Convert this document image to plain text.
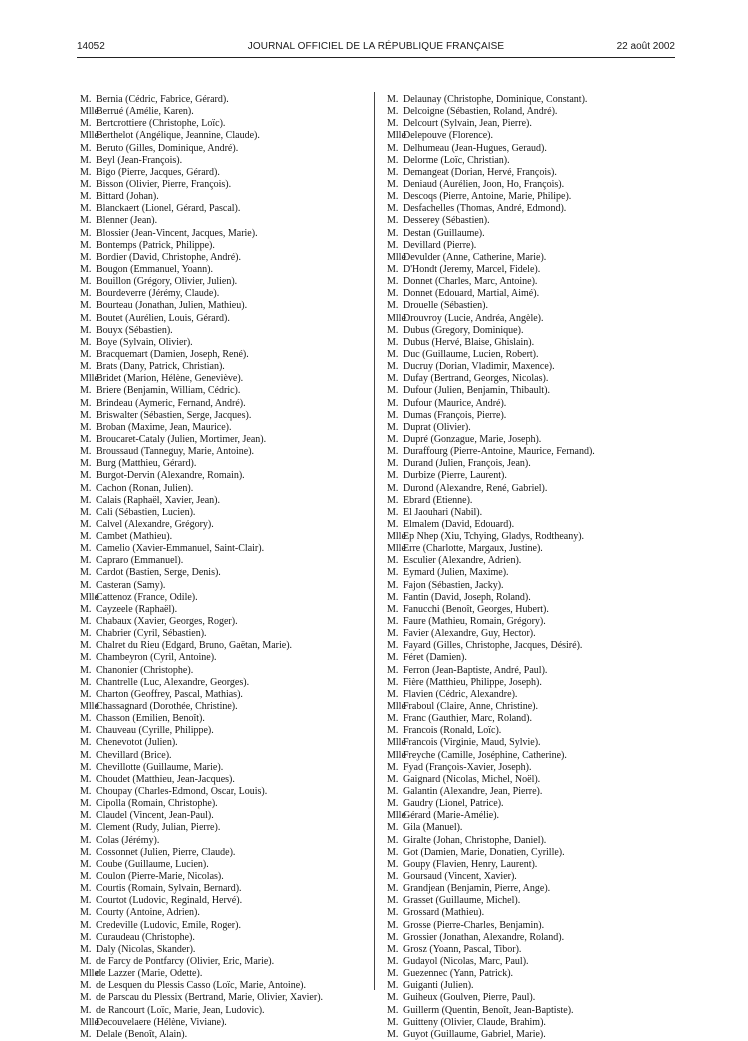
14052	JOURNAL OFFICIEL DE LA RÉPUBLIQUE FRANÇAISE	22 août 2002
M. Bernia (Cédric, Fabrice, Gérard).
MlleBerrué (Amélie, Karen).
M. Bertcrottiere (Christophe, Loïc).
MlleBerthelot (Angélique, Jeannine, Claude).
M. Beruto (Gilles, Dominique, André).
M. Beyl (Jean-François).
M. Bigo (Pierre, Jacques, Gérard).
M. Bisson (Olivier, Pierre, François).
M. Bittard (Johan).
M. Blanckaert (Lionel, Gérard, Pascal).
M. Blenner (Jean).
M. Blossier (Jean-Vincent, Jacques, Marie).
M. Bontemps (Patrick, Philippe).
M. Bordier (David, Christophe, André).
M. Bougon (Emmanuel, Yoann).
M. Bouillon (Grégory, Olivier, Julien).
M. Bourdeverre (Jérémy, Claude).
M. Bourteau (Jonathan, Julien, Mathieu).
M. Boutet (Aurélien, Louis, Gérard).
M. Bouyx (Sébastien).
M. Boye (Sylvain, Olivier).
M. Bracquemart (Damien, Joseph, René).
M. Brats (Dany, Patrick, Christian).
MlleBridet (Marion, Hélène, Geneviève).
M. Briere (Benjamin, William, Cédric).
M. Brindeau (Aymeric, Fernand, André).
M. Briswalter (Sébastien, Serge, Jacques).
M. Broban (Maxime, Jean, Maurice).
M. Broucaret-Cataly (Julien, Mortimer, Jean).
M. Broussaud (Tanneguy, Marie, Antoine).
M. Burg (Matthieu, Gérard).
M. Burgot-Dervin (Alexandre, Romain).
M. Cachon (Ronan, Julien).
M. Calais (Raphaël, Xavier, Jean).
M. Cali (Sébastien, Lucien).
M. Calvel (Alexandre, Grégory).
M. Cambet (Mathieu).
M. Camelio (Xavier-Emmanuel, Saint-Clair).
M. Capraro (Emmanuel).
M. Cardot (Bastien, Serge, Denis).
M. Casteran (Samy).
MlleCattenoz (France, Odile).
M. Cayzeele (Raphaël).
M. Chabaux (Xavier, Georges, Roger).
M. Chabrier (Cyril, Sébastien).
M. Chalret du Rieu (Edgard, Bruno, Gaëtan, Marie).
M. Chambeyron (Cyril, Antoine).
M. Chanonier (Christophe).
M. Chantrelle (Luc, Alexandre, Georges).
M. Charton (Geoffrey, Pascal, Mathias).
MlleChassagnard (Dorothée, Christine).
M. Chasson (Emilien, Benoît).
M. Chauveau (Cyrille, Philippe).
M. Chenevotot (Julien).
M. Chevillard (Brice).
M. Chevillotte (Guillaume, Marie).
M. Choudet (Matthieu, Jean-Jacques).
M. Choupay (Charles-Edmond, Oscar, Louis).
M. Cipolla (Romain, Christophe).
M. Claudel (Vincent, Jean-Paul).
M. Clement (Rudy, Julian, Pierre).
M. Colas (Jérémy).
M. Cossonnet (Julien, Pierre, Claude).
M. Coube (Guillaume, Lucien).
M. Coulon (Pierre-Marie, Nicolas).
M. Courtis (Romain, Sylvain, Bernard).
M. Courtot (Ludovic, Reginald, Hervé).
M. Courty (Antoine, Adrien).
M. Credeville (Ludovic, Emile, Roger).
M. Curaudeau (Christophe).
M. Daly (Nicolas, Skander).
M. de Farcy de Pontfarcy (Olivier, Eric, Marie).
Mllede Lazzer (Marie, Odette).
M. de Lesquen du Plessis Casso (Loïc, Marie, Antoine).
M. de Parscau du Plessix (Bertrand, Marie, Olivier, Xavier).
M. de Rancourt (Loïc, Marie, Jean, Ludovic).
MlleDecouvelaere (Hélène, Viviane).
M. Delale (Benoît, Alain).
M. Delaunay (Christophe, Dominique, Constant).
M. Delcoigne (Sébastien, Roland, André).
M. Delcourt (Sylvain, Jean, Pierre).
MlleDelepouve (Florence).
M. Delhumeau (Jean-Hugues, Geraud).
M. Delorme (Loïc, Christian).
M. Demangeat (Dorian, Hervé, François).
M. Deniaud (Aurélien, Joon, Ho, François).
M. Descoqs (Pierre, Antoine, Marie, Philipe).
M. Desfachelles (Thomas, André, Edmond).
M. Desserey (Sébastien).
M. Destan (Guillaume).
M. Devillard (Pierre).
MlleDevulder (Anne, Catherine, Marie).
M. D'Hondt (Jeremy, Marcel, Fidele).
M. Donnet (Charles, Marc, Antoine).
M. Donnet (Edouard, Martial, Aimé).
M. Drouelle (Sébastien).
MlleDrouvroy (Lucie, Andréa, Angèle).
M. Dubus (Gregory, Dominique).
M. Dubus (Hervé, Blaise, Ghislain).
M. Duc (Guillaume, Lucien, Robert).
M. Ducruy (Dorian, Vladimir, Maxence).
M. Dufay (Bertrand, Georges, Nicolas).
M. Dufour (Julien, Benjamin, Thibault).
M. Dufour (Maurice, André).
M. Dumas (François, Pierre).
M. Duprat (Olivier).
M. Dupré (Gonzague, Marie, Joseph).
M. Duraffourg (Pierre-Antoine, Maurice, Fernand).
M. Durand (Julien, François, Jean).
M. Durbize (Pierre, Laurent).
M. Durond (Alexandre, René, Gabriel).
M. Ebrard (Etienne).
M. El Jaouhari (Nabil).
M. Elmalem (David, Edouard).
MlleEp Nhep (Xiu, Tchying, Gladys, Rodtheany).
MlleErre (Charlotte, Margaux, Justine).
M. Esculier (Alexandre, Adrien).
M. Eymard (Julien, Maxime).
M. Fajon (Sébastien, Jacky).
M. Fantin (David, Joseph, Roland).
M. Fanucchi (Benoît, Georges, Hubert).
M. Faure (Mathieu, Romain, Grégory).
M. Favier (Alexandre, Guy, Hector).
M. Fayard (Gilles, Christophe, Jacques, Désiré).
M. Féret (Damien).
M. Ferron (Jean-Baptiste, André, Paul).
M. Fière (Matthieu, Philippe, Joseph).
M. Flavien (Cédric, Alexandre).
MlleFraboul (Claire, Anne, Christine).
M. Franc (Gauthier, Marc, Roland).
M. Francois (Ronald, Loïc).
MlleFrancois (Virginie, Maud, Sylvie).
MlleFreyche (Camille, Joséphine, Catherine).
M. Fyad (François-Xavier, Joseph).
M. Gaignard (Nicolas, Michel, Noël).
M. Galantin (Alexandre, Jean, Pierre).
M. Gaudry (Lionel, Patrice).
MlleGérard (Marie-Amélie).
M. Gila (Manuel).
M. Giralte (Johan, Christophe, Daniel).
M. Got (Damien, Marie, Donatien, Cyrille).
M. Goupy (Flavien, Henry, Laurent).
M. Goursaud (Vincent, Xavier).
M. Grandjean (Benjamin, Pierre, Ange).
M. Grasset (Guillaume, Michel).
M. Grossard (Mathieu).
M. Grosse (Pierre-Charles, Benjamin).
M. Grossier (Jonathan, Alexandre, Roland).
M. Grosz (Yoann, Pascal, Tibor).
M. Gudayol (Nicolas, Marc, Paul).
M. Guezennec (Yann, Patrick).
M. Guiganti (Julien).
M. Guiheux (Goulven, Pierre, Paul).
M. Guillerm (Quentin, Benoît, Jean-Baptiste).
M. Guitteny (Olivier, Claude, Brahim).
M. Guyot (Guillaume, Gabriel, Marie).
